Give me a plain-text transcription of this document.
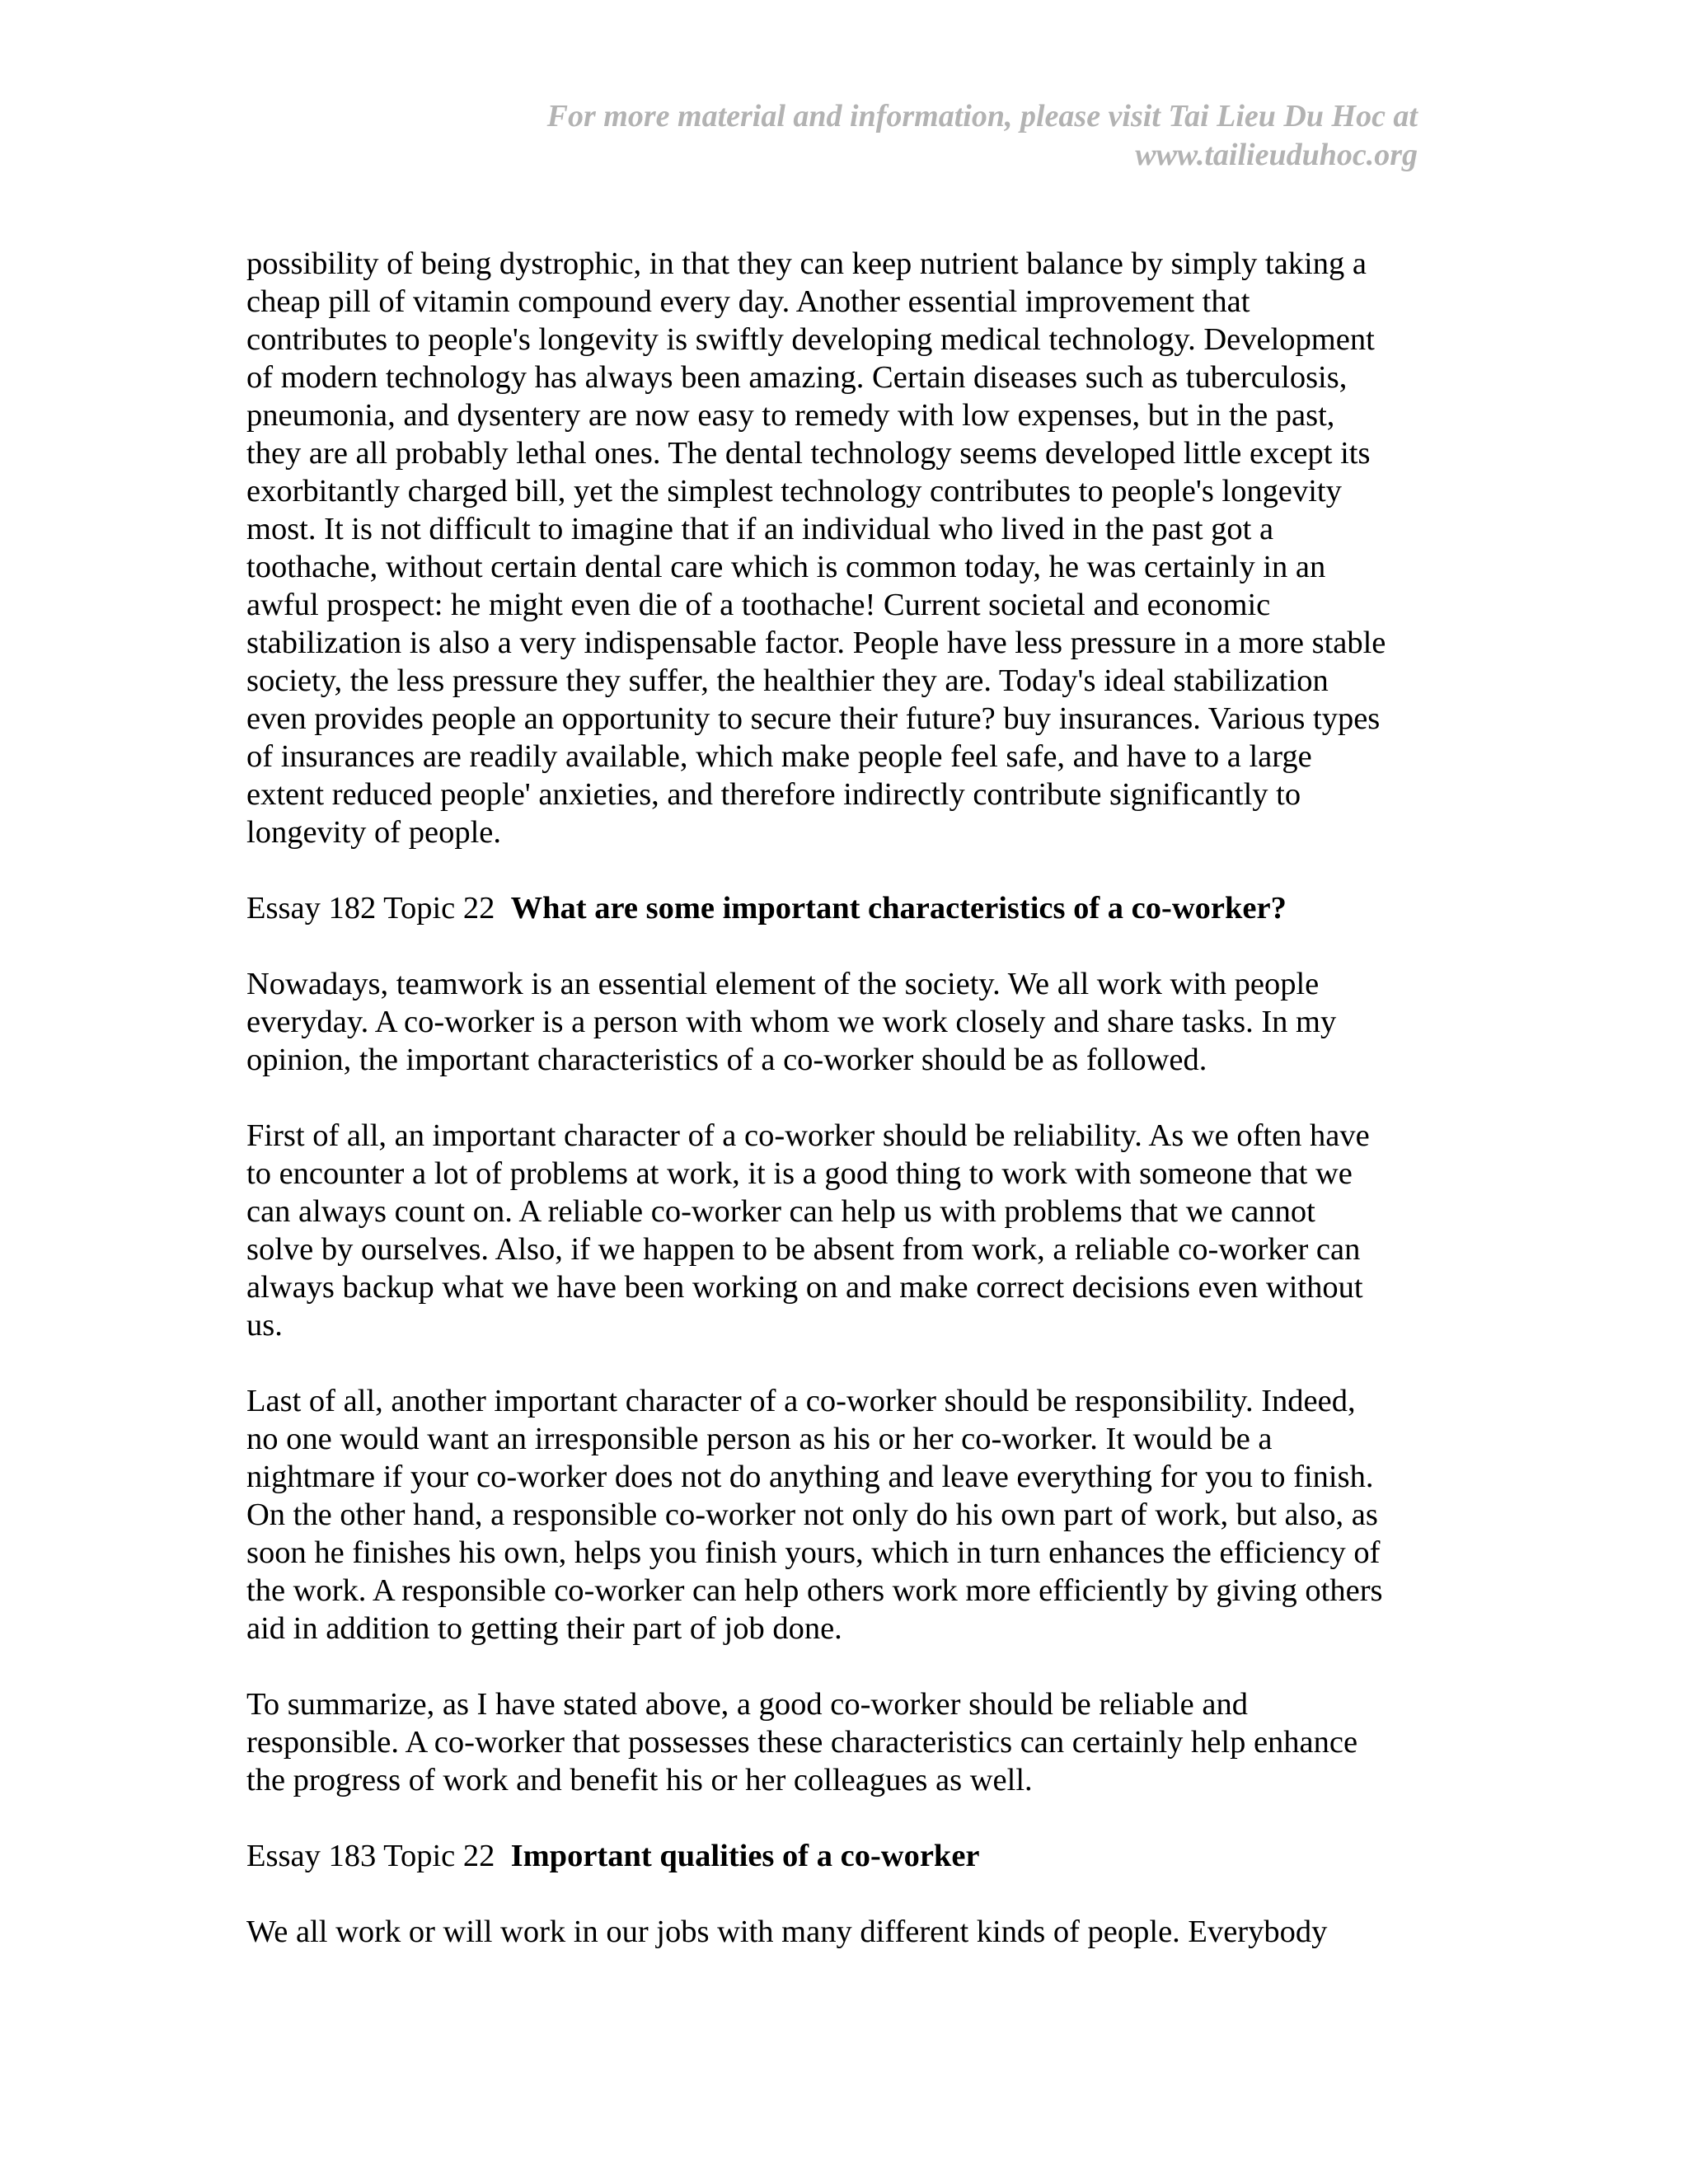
For more material and information, please visit Tai Lieu Du Hoc at
www.tailieuduhoc.org
possibility of being dystrophic, in that they can keep nutrient balance by simply taking a
cheap pill of vitamin compound every day. Another essential improvement that
contributes to people's longevity is swiftly developing medical technology. Development
of modern technology has always been amazing. Certain diseases such as tuberculosis,
pneumonia, and dysentery are now easy to remedy with low expenses, but in the past,
they are all probably lethal ones. The dental technology seems developed little except its
exorbitantly charged bill, yet the simplest technology contributes to people's longevity
most. It is not difficult to imagine that if an individual who lived in the past got a
toothache, without certain dental care which is common today, he was certainly in an
awful prospect: he might even die of a toothache! Current societal and economic
stabilization is also a very indispensable factor. People have less pressure in a more stable
society, the less pressure they suffer, the healthier they are. Today's ideal stabilization
even provides people an opportunity to secure their future? buy insurances. Various types
of insurances are readily available, which make people feel safe, and have to a large
extent reduced people' anxieties, and therefore indirectly contribute significantly to
longevity of people.
Essay 182 Topic 22 What are some important characteristics of a co-worker?
Nowadays, teamwork is an essential element of the society. We all work with people
everyday. A co-worker is a person with whom we work closely and share tasks. In my
opinion, the important characteristics of a co-worker should be as followed.
First of all, an important character of a co-worker should be reliability. As we often have
to encounter a lot of problems at work, it is a good thing to work with someone that we
can always count on. A reliable co-worker can help us with problems that we cannot
solve by ourselves. Also, if we happen to be absent from work, a reliable co-worker can
always backup what we have been working on and make correct decisions even without
us.
Last of all, another important character of a co-worker should be responsibility. Indeed,
no one would want an irresponsible person as his or her co-worker. It would be a
nightmare if your co-worker does not do anything and leave everything for you to finish.
On the other hand, a responsible co-worker not only do his own part of work, but also, as
soon he finishes his own, helps you finish yours, which in turn enhances the efficiency of
the work. A responsible co-worker can help others work more efficiently by giving others
aid in addition to getting their part of job done.
To summarize, as I have stated above, a good co-worker should be reliable and
responsible. A co-worker that possesses these characteristics can certainly help enhance
the progress of work and benefit his or her colleagues as well.
Essay 183 Topic 22 Important qualities of a co-worker
We all work or will work in our jobs with many different kinds of people. Everybody
